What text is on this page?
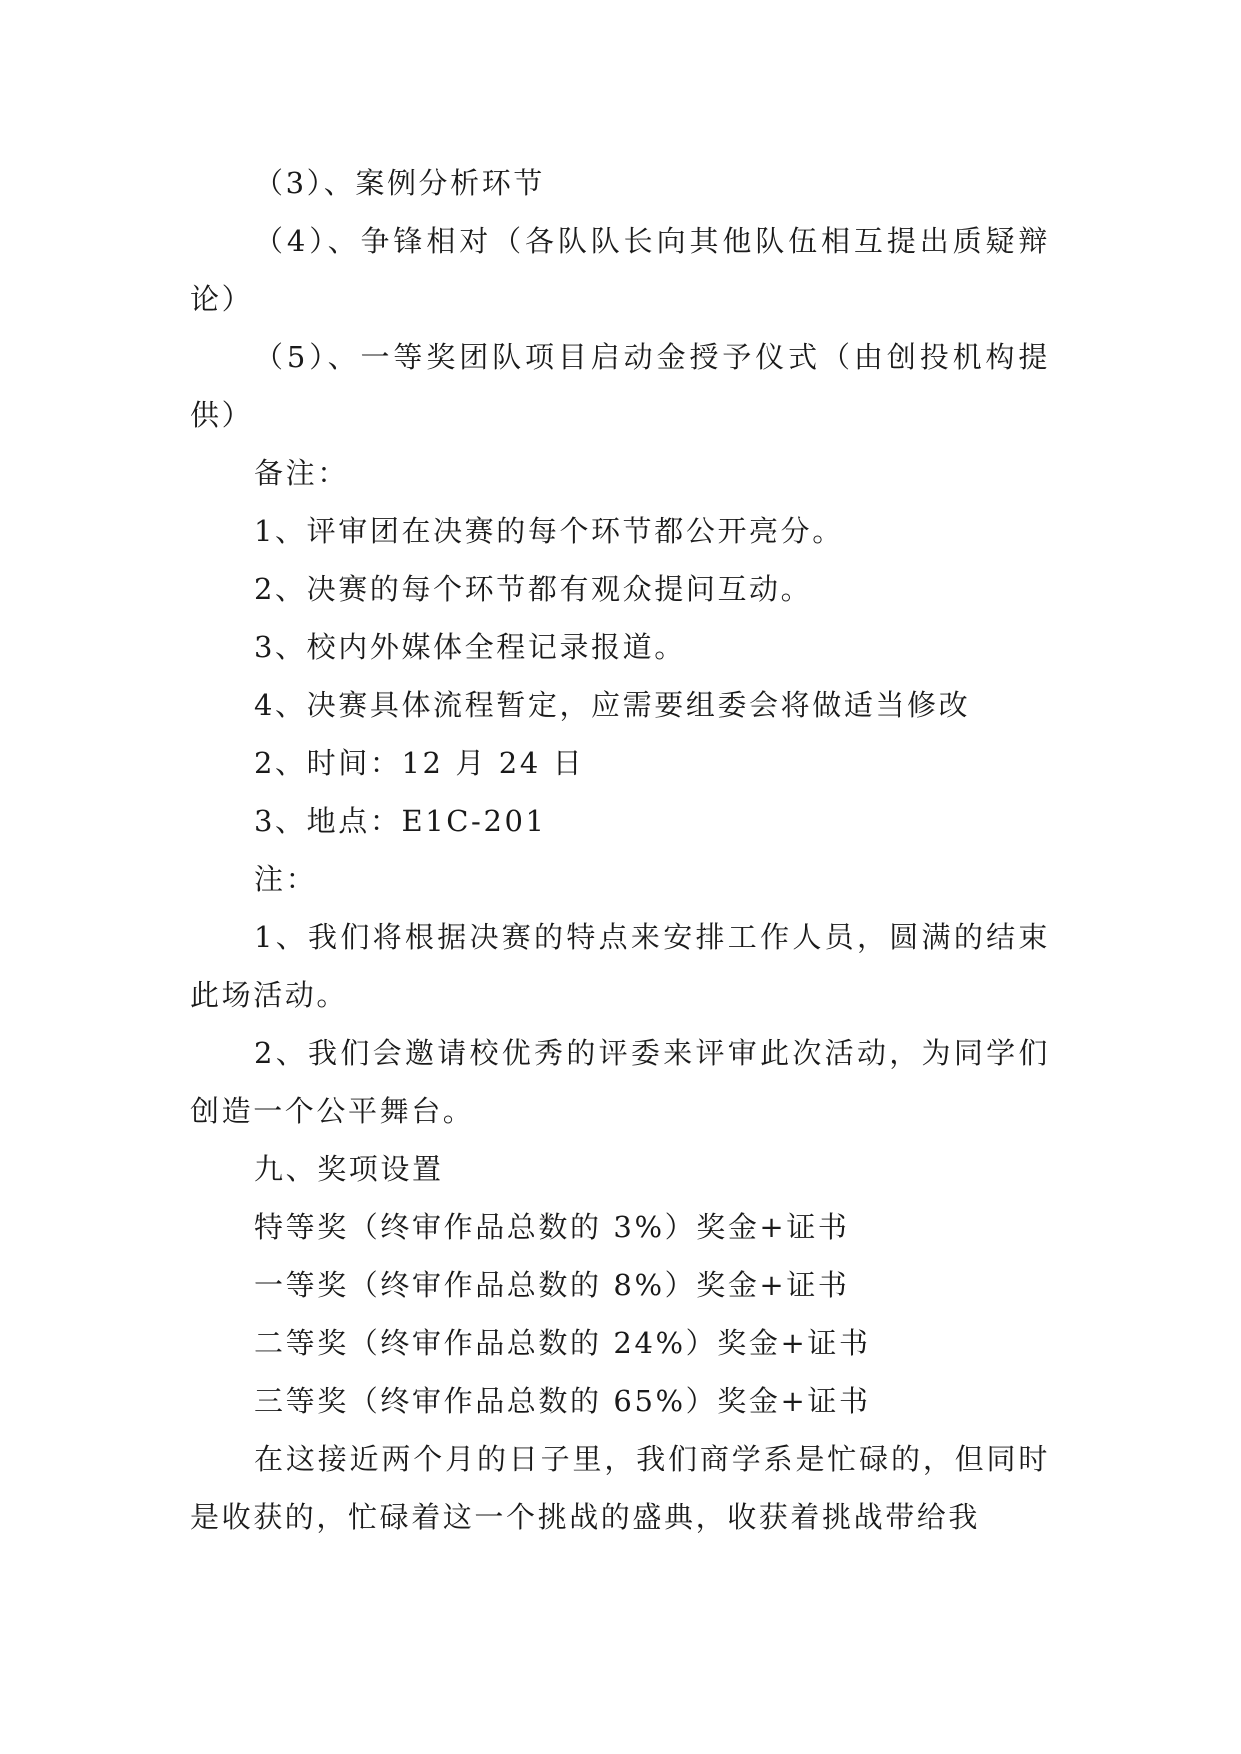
（3）、案例分析环节

（4）、争锋相对（各队队长向其他队伍相互提出质疑辩论）

（5）、一等奖团队项目启动金授予仪式（由创投机构提供）

备注：

1、评审团在决赛的每个环节都公开亮分。

2、决赛的每个环节都有观众提问互动。

3、校内外媒体全程记录报道。

4、决赛具体流程暂定，应需要组委会将做适当修改

2、时间：12 月 24 日

3、地点：E1C-201

注：

1、我们将根据决赛的特点来安排工作人员，圆满的结束此场活动。

2、我们会邀请校优秀的评委来评审此次活动，为同学们创造一个公平舞台。

九、奖项设置

特等奖（终审作品总数的 3%）奖金+证书

一等奖（终审作品总数的 8%）奖金+证书

二等奖（终审作品总数的 24%）奖金+证书

三等奖（终审作品总数的 65%）奖金+证书

在这接近两个月的日子里，我们商学系是忙碌的，但同时是收获的，忙碌着这一个挑战的盛典，收获着挑战带给我
